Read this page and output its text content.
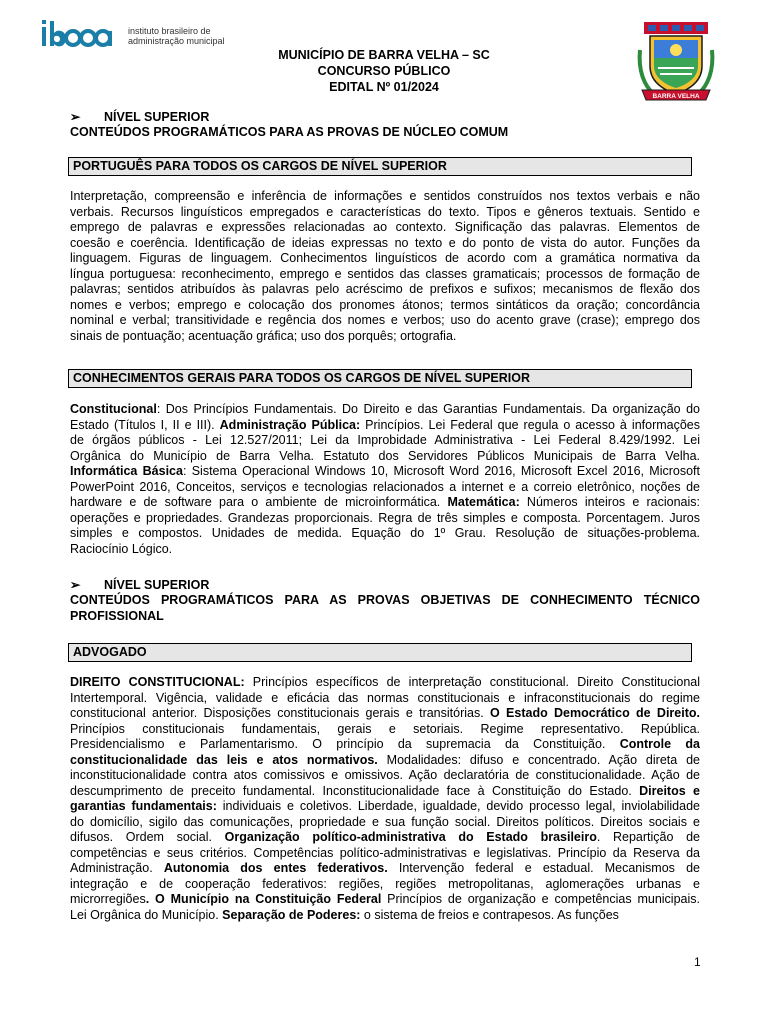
instituto brasileiro de
administração municipal
BARRA VELHA
MUNICÍPIO DE BARRA VELHA – SC
CONCURSO PÚBLICO
EDITAL Nº 01/2024
➢ NÍVEL SUPERIOR
CONTEÚDOS PROGRAMÁTICOS PARA AS PROVAS DE NÚCLEO COMUM
PORTUGUÊS PARA TODOS OS CARGOS DE NÍVEL SUPERIOR
Interpretação, compreensão e inferência de informações e sentidos construídos nos textos verbais e não
verbais. Recursos linguísticos empregados e características do texto. Tipos e gêneros textuais. Sentido e
emprego de palavras e expressões relacionadas ao contexto. Significação das palavras. Elementos de
coesão e coerência. Identificação de ideias expressas no texto e do ponto de vista do autor. Funções da
linguagem. Figuras de linguagem. Conhecimentos linguísticos de acordo com a gramática normativa da
língua portuguesa: reconhecimento, emprego e sentidos das classes gramaticais; processos de formação de
palavras; sentidos atribuídos às palavras pelo acréscimo de prefixos e sufixos; mecanismos de flexão dos
nomes e verbos; emprego e colocação dos pronomes átonos; termos sintáticos da oração; concordância
nominal e verbal; transitividade e regência dos nomes e verbos; uso do acento grave (crase); emprego dos
sinais de pontuação; acentuação gráfica; uso dos porquês; ortografia.
CONHECIMENTOS GERAIS PARA TODOS OS CARGOS DE NÍVEL SUPERIOR
Constitucional: Dos Princípios Fundamentais. Do Direito e das Garantias Fundamentais. Da organização do
Estado (Títulos I, II e III). Administração Pública: Princípios. Lei Federal que regula o acesso à informações
de órgãos públicos - Lei 12.527/2011; Lei da Improbidade Administrativa - Lei Federal 8.429/1992. Lei
Orgânica do Município de Barra Velha. Estatuto dos Servidores Públicos Municipais de Barra Velha.
Informática Básica: Sistema Operacional Windows 10, Microsoft Word 2016, Microsoft Excel 2016, Microsoft
PowerPoint 2016, Conceitos, serviços e tecnologias relacionados a internet e a correio eletrônico, noções de
hardware e de software para o ambiente de microinformática. Matemática: Números inteiros e racionais:
operações e propriedades. Grandezas proporcionais. Regra de três simples e composta. Porcentagem. Juros
simples e compostos. Unidades de medida. Equação do 1º Grau. Resolução de situações-problema.
Raciocínio Lógico.
➢ NÍVEL SUPERIOR
CONTEÚDOS PROGRAMÁTICOS PARA AS PROVAS OBJETIVAS DE CONHECIMENTO TÉCNICO
PROFISSIONAL
ADVOGADO
DIREITO CONSTITUCIONAL: Princípios específicos de interpretação constitucional. Direito Constitucional
Intertemporal. Vigência, validade e eficácia das normas constitucionais e infraconstitucionais do regime
constitucional anterior. Disposições constitucionais gerais e transitórias. O Estado Democrático de Direito.
Princípios constitucionais fundamentais, gerais e setoriais. Regime representativo. República.
Presidencialismo e Parlamentarismo. O princípio da supremacia da Constituição. Controle da
constitucionalidade das leis e atos normativos. Modalidades: difuso e concentrado. Ação direta de
inconstitucionalidade contra atos comissivos e omissivos. Ação declaratória de constitucionalidade. Ação de
descumprimento de preceito fundamental. Inconstitucionalidade face à Constituição do Estado. Direitos e
garantias fundamentais: individuais e coletivos. Liberdade, igualdade, devido processo legal, inviolabilidade
do domicílio, sigilo das comunicações, propriedade e sua função social. Direitos políticos. Direitos sociais e
difusos. Ordem social. Organização político-administrativa do Estado brasileiro. Repartição de
competências e seus critérios. Competências político-administrativas e legislativas. Princípio da Reserva da
Administração. Autonomia dos entes federativos. Intervenção federal e estadual. Mecanismos de
integração e de cooperação federativos: regiões, regiões metropolitanas, aglomerações urbanas e
microrregiões. O Município na Constituição Federal Princípios de organização e competências municipais.
Lei Orgânica do Município. Separação de Poderes: o sistema de freios e contrapesos. As funções
1
